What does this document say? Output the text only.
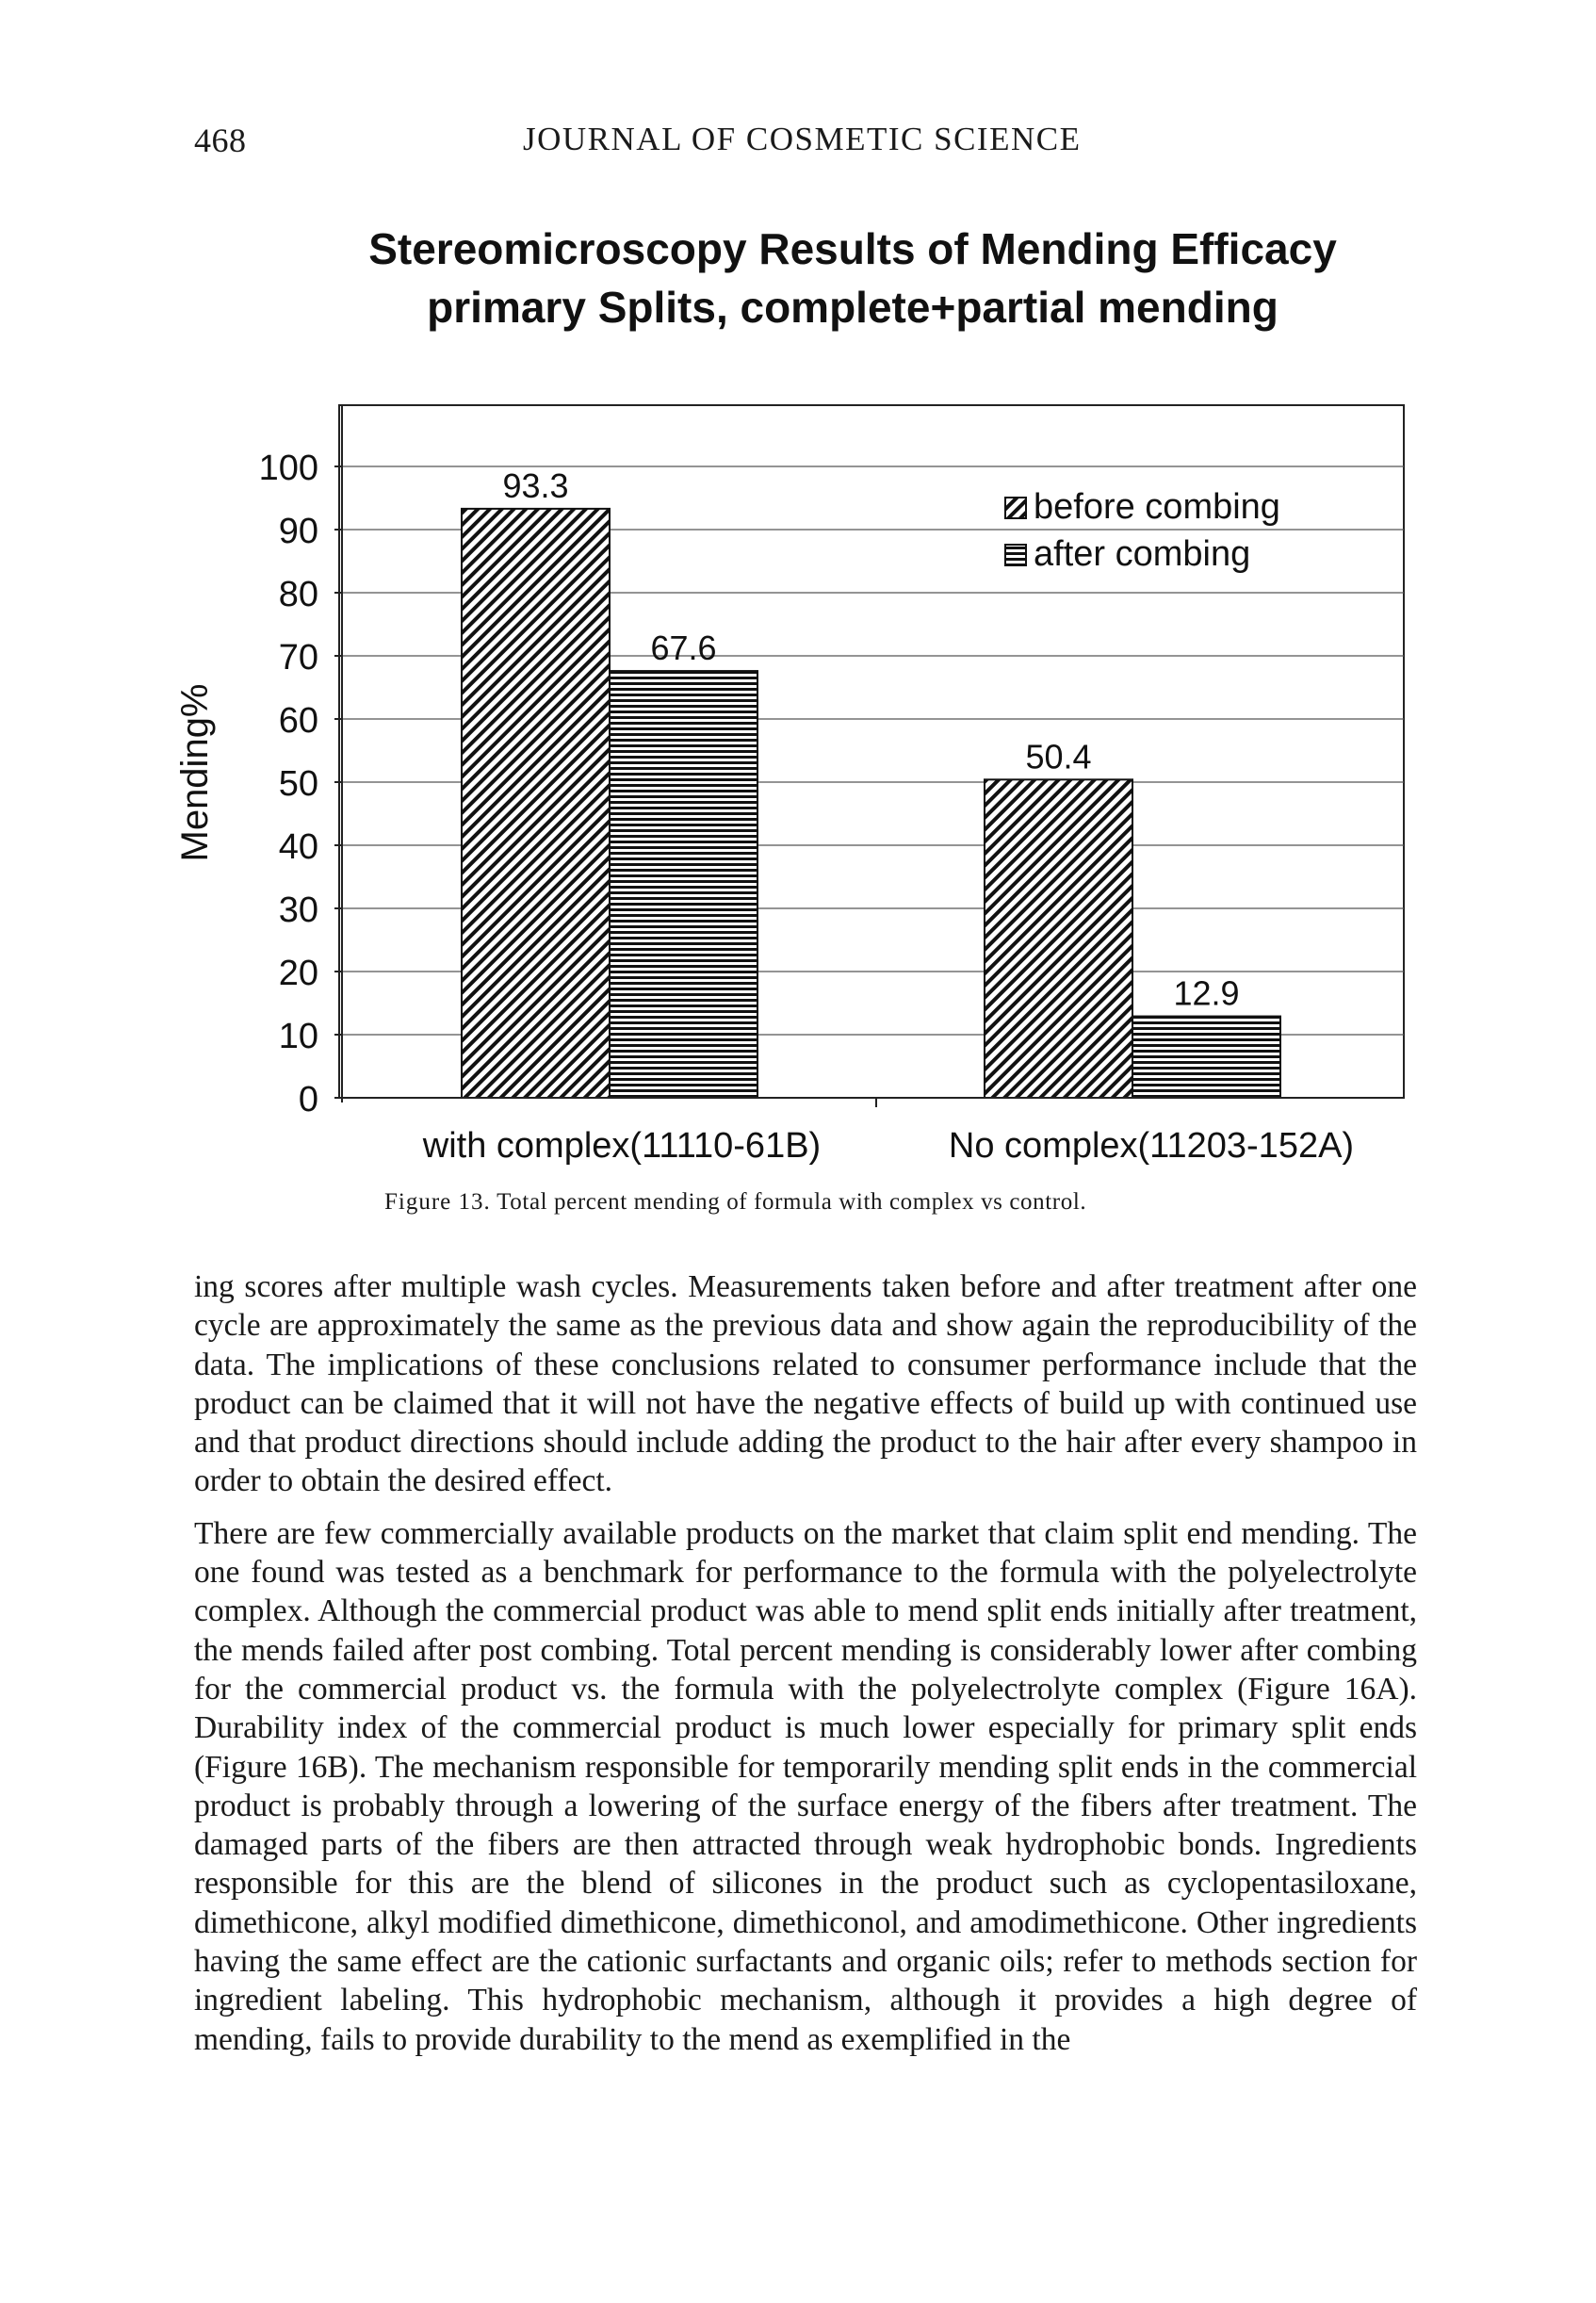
468	JOURNAL OF COSMETIC SCIENCE
Stereomicroscopy Results of Mending Efficacy
primary Splits, complete+partial mending
Mending%
0
10
20
30
40
50
60
70
80
90
100	93.3
67.6
50.4
12.9
with complex(11110-61B)	No complex(11203-152A)
before combing
after combing
Figure 13. Total percent mending of formula with complex vs control.

ing scores after multiple wash cycles. Measurements taken before and after treatment after one cycle are approximately the same as the previous data and show again the reproducibility of the data. The implications of these conclusions related to consumer performance include that the product can be claimed that it will not have the negative effects of build up with continued use and that product directions should include adding the product to the hair after every shampoo in order to obtain the desired effect.

There are few commercially available products on the market that claim split end mending. The one found was tested as a benchmark for performance to the formula with the polyelectrolyte complex. Although the commercial product was able to mend split ends initially after treatment, the mends failed after post combing. Total percent mending is considerably lower after combing for the commercial product vs. the formula with the polyelectrolyte complex (Figure 16A). Durability index of the commercial product is much lower especially for primary split ends (Figure 16B). The mechanism responsible for temporarily mending split ends in the commercial product is probably through a lowering of the surface energy of the fibers after treatment. The damaged parts of the fibers are then attracted through weak hydrophobic bonds. Ingredients responsible for this are the blend of silicones in the product such as cyclopentasiloxane, dimethicone, alkyl modified dimethicone, dimethiconol, and amodimethicone. Other ingredients having the same effect are the cationic surfactants and organic oils; refer to methods section for ingredient labeling. This hydrophobic mechanism, although it provides a high degree of mending, fails to provide durability to the mend as exemplified in the
